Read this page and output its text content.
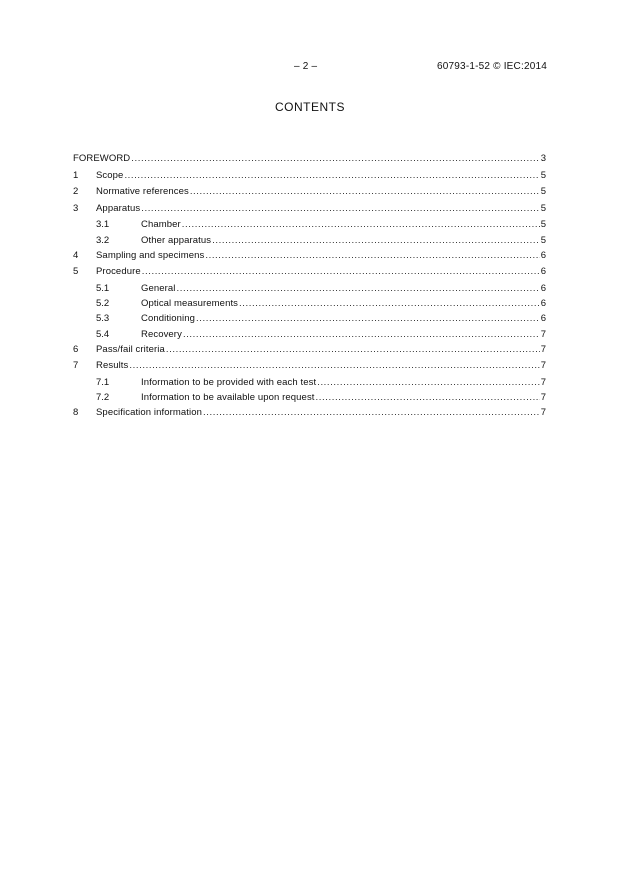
– 2 –	60793-1-52 © IEC:2014
CONTENTS
FOREWORD .....	3
1	Scope .....	5
2	Normative references .....	5
3	Apparatus .....	5
3.1	Chamber .....	5
3.2	Other apparatus .....	5
4	Sampling and specimens .....	6
5	Procedure .....	6
5.1	General .....	6
5.2	Optical measurements .....	6
5.3	Conditioning .....	6
5.4	Recovery .....	7
6	Pass/fail criteria .....	7
7	Results .....	7
7.1	Information to be provided with each test .....	7
7.2	Information to be available upon request .....	7
8	Specification information .....	7
